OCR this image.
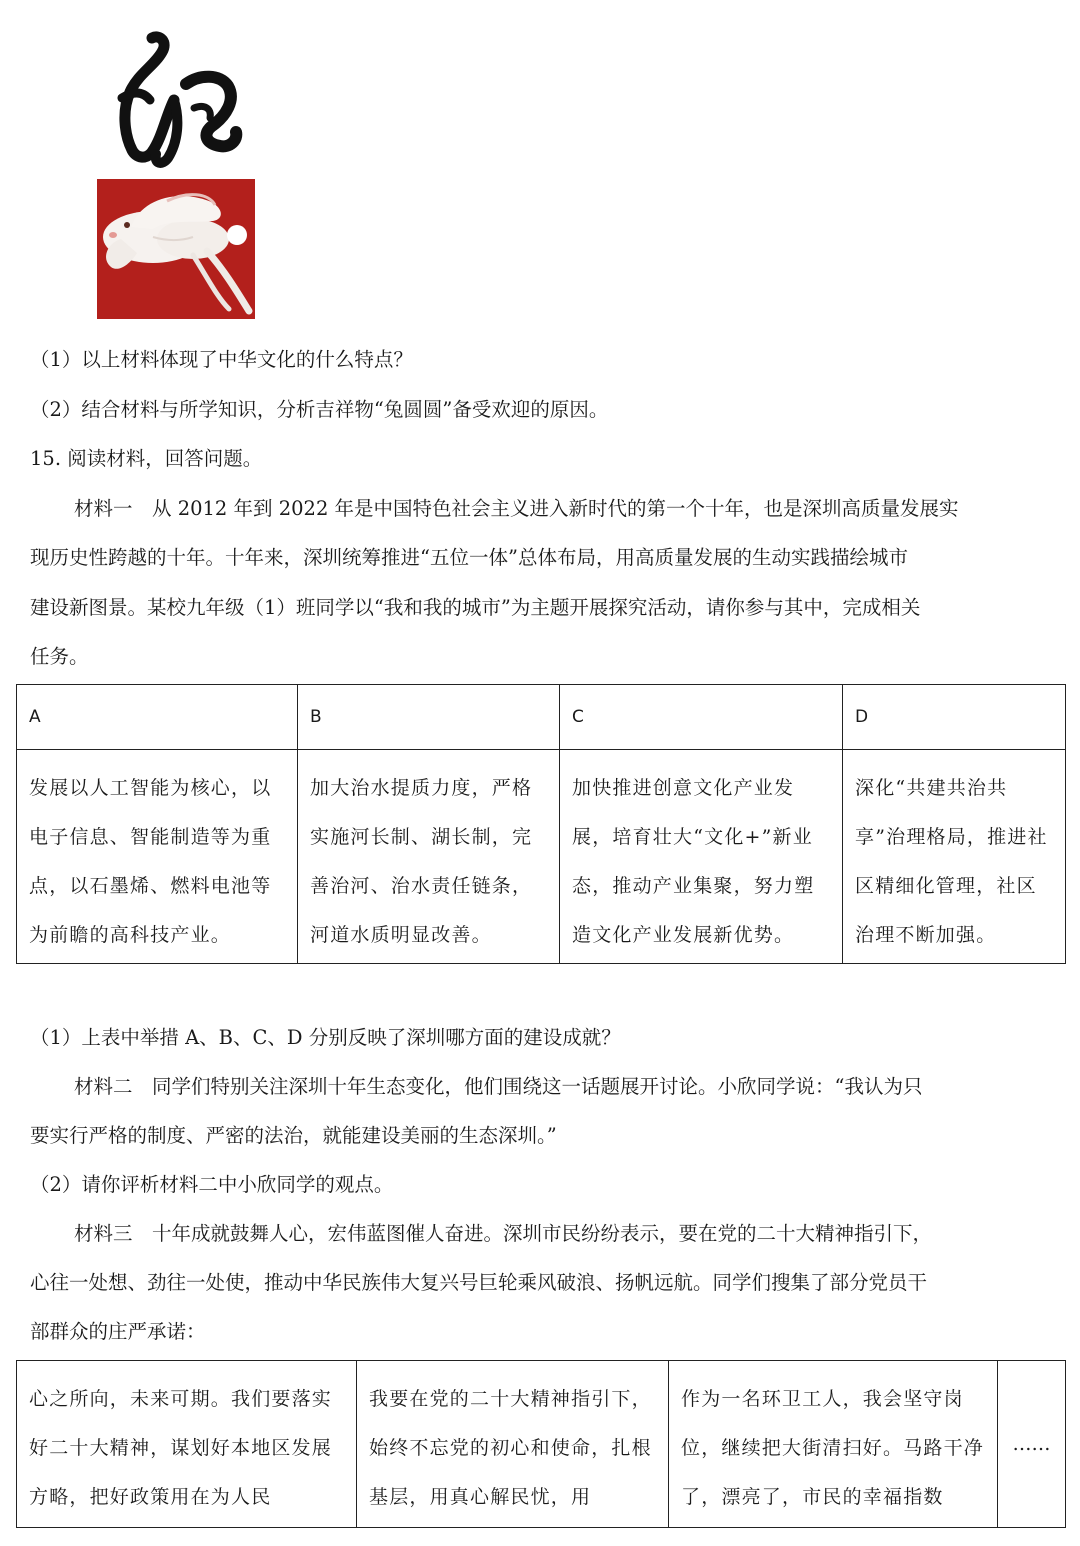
（1）以上材料体现了中华文化的什么特点？
（2）结合材料与所学知识，分析吉祥物“兔圆圆”备受欢迎的原因。
15. 阅读材料，回答问题。
材料一　从 2012 年到 2022 年是中国特色社会主义进入新时代的第一个十年，也是深圳高质量发展实
现历史性跨越的十年。十年来，深圳统筹推进“五位一体”总体布局，用高质量发展的生动实践描绘城市
建设新图景。某校九年级（1）班同学以“我和我的城市”为主题开展探究活动，请你参与其中，完成相关
任务。
A	B	C	D
发展以人工智能为核心，以电子信息、智能制造等为重点，以石墨烯、燃料电池等为前瞻的高科技产业。	加大治水提质力度，严格实施河长制、湖长制，完善治河、治水责任链条，河道水质明显改善。	加快推进创意文化产业发展，培育壮大“文化+”新业态，推动产业集聚，努力塑造文化产业发展新优势。	深化“共建共治共享”治理格局，推进社区精细化管理，社区治理不断加强。
（1）上表中举措 A、B、C、D 分别反映了深圳哪方面的建设成就？
材料二　同学们特别关注深圳十年生态变化，他们围绕这一话题展开讨论。小欣同学说：“我认为只
要实行严格的制度、严密的法治，就能建设美丽的生态深圳。”
（2）请你评析材料二中小欣同学的观点。
材料三　十年成就鼓舞人心，宏伟蓝图催人奋进。深圳市民纷纷表示，要在党的二十大精神指引下，
心往一处想、劲往一处使，推动中华民族伟大复兴号巨轮乘风破浪、扬帆远航。同学们搜集了部分党员干
部群众的庄严承诺：
心之所向，未来可期。我们要落实好二十大精神，谋划好本地区发展方略，把好政策用在为人民	我要在党的二十大精神指引下，始终不忘党的初心和使命，扎根基层，用真心解民忧，用	作为一名环卫工人，我会坚守岗位，继续把大街清扫好。马路干净了，漂亮了，市民的幸福指数	……
